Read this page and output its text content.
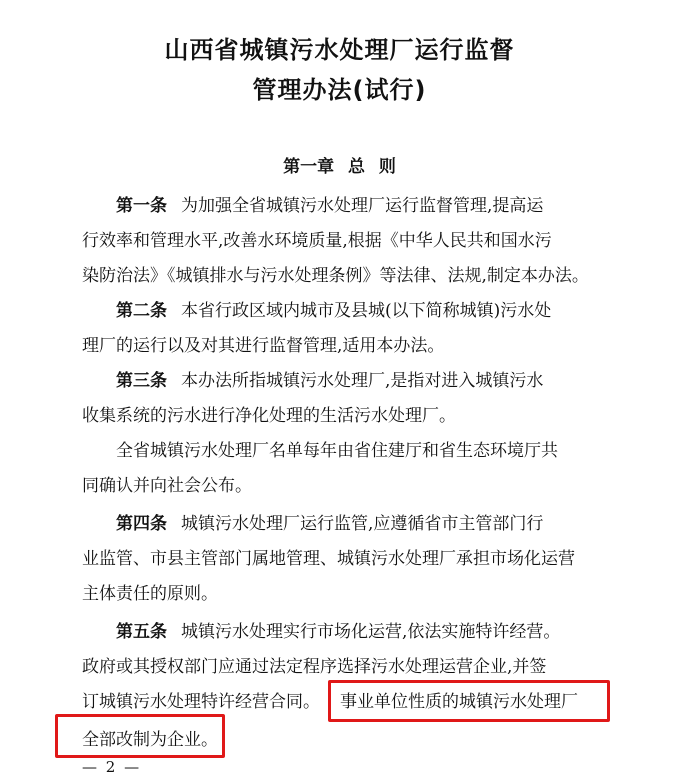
山西省城镇污水处理厂运行监督
管理办法(试行)
第一章 总 则
第一条 为加强全省城镇污水处理厂运行监督管理,提高运
行效率和管理水平,改善水环境质量,根据《中华人民共和国水污
染防治法》《城镇排水与污水处理条例》等法律、法规,制定本办法。
第二条 本省行政区域内城市及县城(以下简称城镇)污水处
理厂的运行以及对其进行监督管理,适用本办法。
第三条 本办法所指城镇污水处理厂,是指对进入城镇污水
收集系统的污水进行净化处理的生活污水处理厂。
全省城镇污水处理厂名单每年由省住建厅和省生态环境厅共
同确认并向社会公布。
第四条 城镇污水处理厂运行监管,应遵循省市主管部门行
业监管、市县主管部门属地管理、城镇污水处理厂承担市场化运营
主体责任的原则。
第五条 城镇污水处理实行市场化运营,依法实施特许经营。
政府或其授权部门应通过法定程序选择污水处理运营企业,并签
订城镇污水处理特许经营合同。 事业单位性质的城镇污水处理厂
全部改制为企业。
— 2 —
